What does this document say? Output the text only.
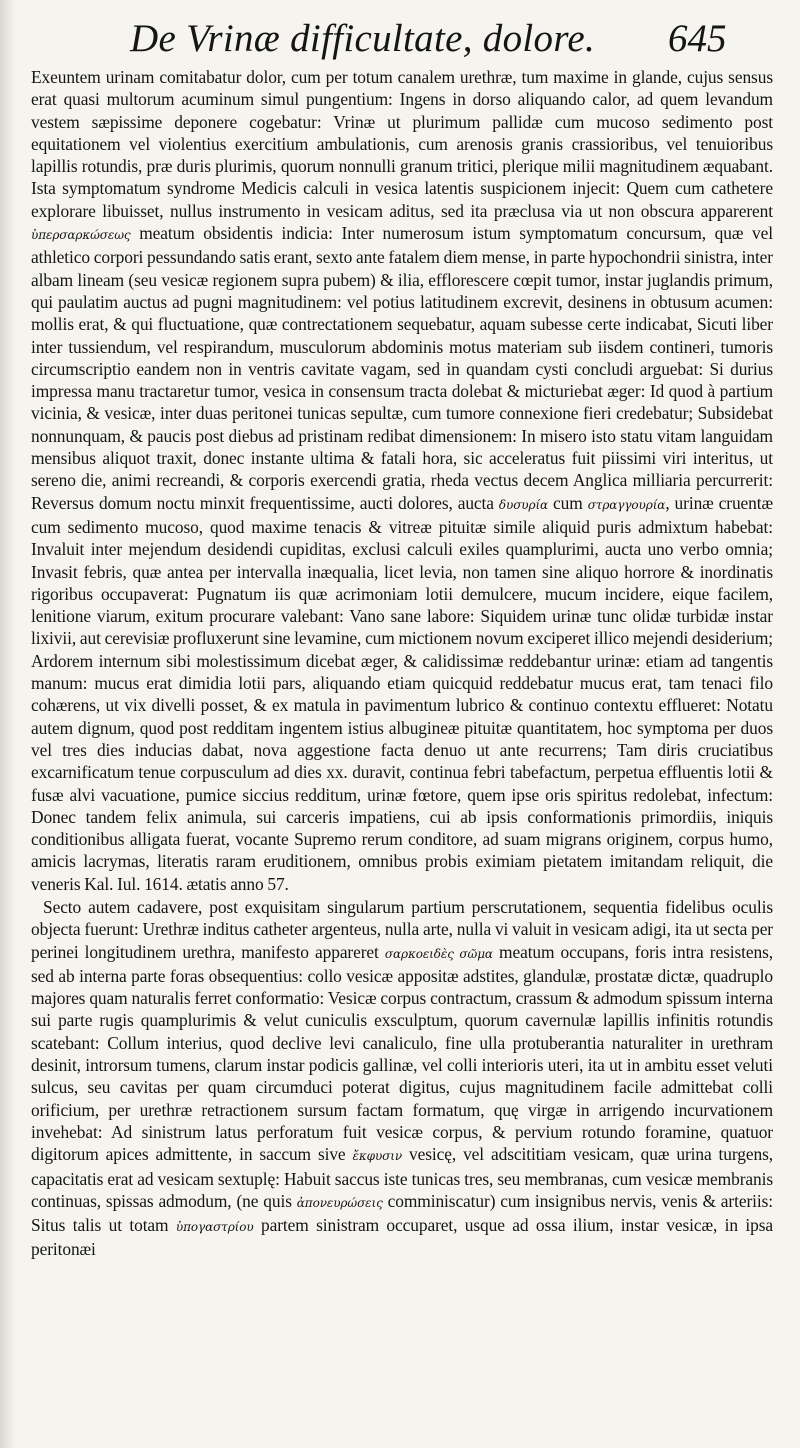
De Vrinæ difficultate, dolore. 645

Exeuntem urinam comitabatur dolor, cum per totum canalem urethræ, tum maxime in glande, cujus sensus erat quasi multorum acuminum simul pungentium: Ingens in dorso aliquando calor, ad quem levandum vestem sæpissime deponere cogebatur: Vrinæ ut plurimum pallidæ cum mucoso sedimento post equitationem vel violentius exercitium ambulationis, cum arenosis granis crassioribus, vel tenuioribus lapillis rotundis, præ duris plurimis, quorum nonnulli granum tritici, plerique milii magnitudinem æquabant. Ista symptomatum syndrome Medicis calculi in vesica latentis suspicionem injecit: Quem cum cathetere explorare libuisset, nullus instrumento in vesicam aditus, sed ita præclusa via ut non obscura apparerent ὑπερσαρκώσεως meatum obsidentis indicia: Inter numerosum istum symptomatum concursum, quæ vel athletico corpori pessundando satis erant, sexto ante fatalem diem mense, in parte hypochondrii sinistra, inter albam lineam (seu vesicæ regionem supra pubem) & ilia, efflorescere cœpit tumor, instar juglandis primum, qui paulatim auctus ad pugni magnitudinem: vel potius latitudinem excrevit, desinens in obtusum acumen: mollis erat, & qui fluctuatione, quæ contrectationem sequebatur, aquam subesse certe indicabat, Sicuti liber inter tussiendum, vel respirandum, musculorum abdominis motus materiam sub iisdem contineri, tumoris circumscriptio eandem non in ventris cavitate vagam, sed in quandam cysti concludi arguebat: Si durius impressa manu tractaretur tumor, vesica in consensum tracta dolebat & micturiebat æger: Id quod à partium vicinia, & vesicæ, inter duas peritonei tunicas sepultæ, cum tumore connexione fieri credebatur; Subsidebat nonnunquam, & paucis post diebus ad pristinam redibat dimensionem: In misero isto statu vitam languidam mensibus aliquot traxit, donec instante ultima & fatali hora, sic acceleratus fuit piissimi viri interitus, ut sereno die, animi recreandi, & corporis exercendi gratia, rheda vectus decem Anglica milliaria percurrerit: Reversus domum noctu minxit frequentissime, aucti dolores, aucta δυσυρία cum στραγγουρία, urinæ cruentæ cum sedimento mucoso, quod maxime tenacis & vitreæ pituitæ simile aliquid puris admixtum habebat: Invaluit inter mejendum desidendi cupiditas, exclusi calculi exiles quamplurimi, aucta uno verbo omnia; Invasit febris, quæ antea per intervalla inæqualia, licet levia, non tamen sine aliquo horrore & inordinatis rigoribus occupaverat: Pugnatum iis quæ acrimoniam lotii demulcere, mucum incidere, eique facilem, lenitione viarum, exitum procurare valebant: Vano sane labore: Siquidem urinæ tunc olidæ turbidæ instar lixivii, aut cerevisiæ profluxerunt sine levamine, cum mictionem novum exciperet illico mejendi desiderium; Ardorem internum sibi molestissimum dicebat æger, & calidissimæ reddebantur urinæ: etiam ad tangentis manum: mucus erat dimidia lotii pars, aliquando etiam quicquid reddebatur mucus erat, tam tenaci filo cohærens, ut vix divelli posset, & ex matula in pavimentum lubrico & continuo contextu efflueret: Notatu autem dignum, quod post redditam ingentem istius albugineæ pituitæ quantitatem, hoc symptoma per duos vel tres dies inducias dabat, nova aggestione facta denuo ut ante recurrens; Tam diris cruciatibus excarnificatum tenue corpusculum ad dies xx. duravit, continua febri tabefactum, perpetua effluentis lotii & fusæ alvi vacuatione, pumice siccius redditum, urinæ fœtore, quem ipse oris spiritus redolebat, infectum: Donec tandem felix animula, sui carceris impatiens, cui ab ipsis conformationis primordiis, iniquis conditionibus alligata fuerat, vocante Supremo rerum conditore, ad suam migrans originem, corpus humo, amicis lacrymas, literatis raram eruditionem, omnibus probis eximiam pietatem imitandam reliquit, die veneris Kal. Iul. 1614. ætatis anno 57.

Secto autem cadavere, post exquisitam singularum partium perscrutationem, sequentia fidelibus oculis objecta fuerunt: Urethræ inditus catheter argenteus, nulla arte, nulla vi valuit in vesicam adigi, ita ut secta per perinei longitudinem urethra, manifesto appareret σαρκοειδὲς σῶμα meatum occupans, foris intra resistens, sed ab interna parte foras obsequentius: collo vesicæ appositæ adstites, glandulæ, prostatæ dictæ, quadruplo majores quam naturalis ferret conformatio: Vesicæ corpus contractum, crassum & admodum spissum interna sui parte rugis quamplurimis & velut cuniculis exsculptum, quorum cavernulæ lapillis infinitis rotundis scatebant: Collum interius, quod declive levi canaliculo, fine ulla protuberantia naturaliter in urethram desinit, introrsum tumens, clarum instar podicis gallinæ, vel colli interioris uteri, ita ut in ambitu esset veluti sulcus, seu cavitas per quam circumduci poterat digitus, cujus magnitudinem facile admittebat colli orificium, per urethræ retractionem sursum factam formatum, quę virgæ in arrigendo incurvationem invehebat: Ad sinistrum latus perforatum fuit vesicæ corpus, & pervium rotundo foramine, quatuor digitorum apices admittente, in saccum sive ἔκφυσιν vesicę, vel adscititiam vesicam, quæ urina turgens, capacitatis erat ad vesicam sextuplę: Habuit saccus iste tunicas tres, seu membranas, cum vesicæ membranis continuas, spissas admodum, (ne quis ἀπονευρώσεις comminiscatur) cum insignibus nervis, venis & arteriis: Situs talis ut totam ὑπογαστρίου partem sinistram occuparet, usque ad ossa ilium, instar vesicæ, in ipsa peritonæi
